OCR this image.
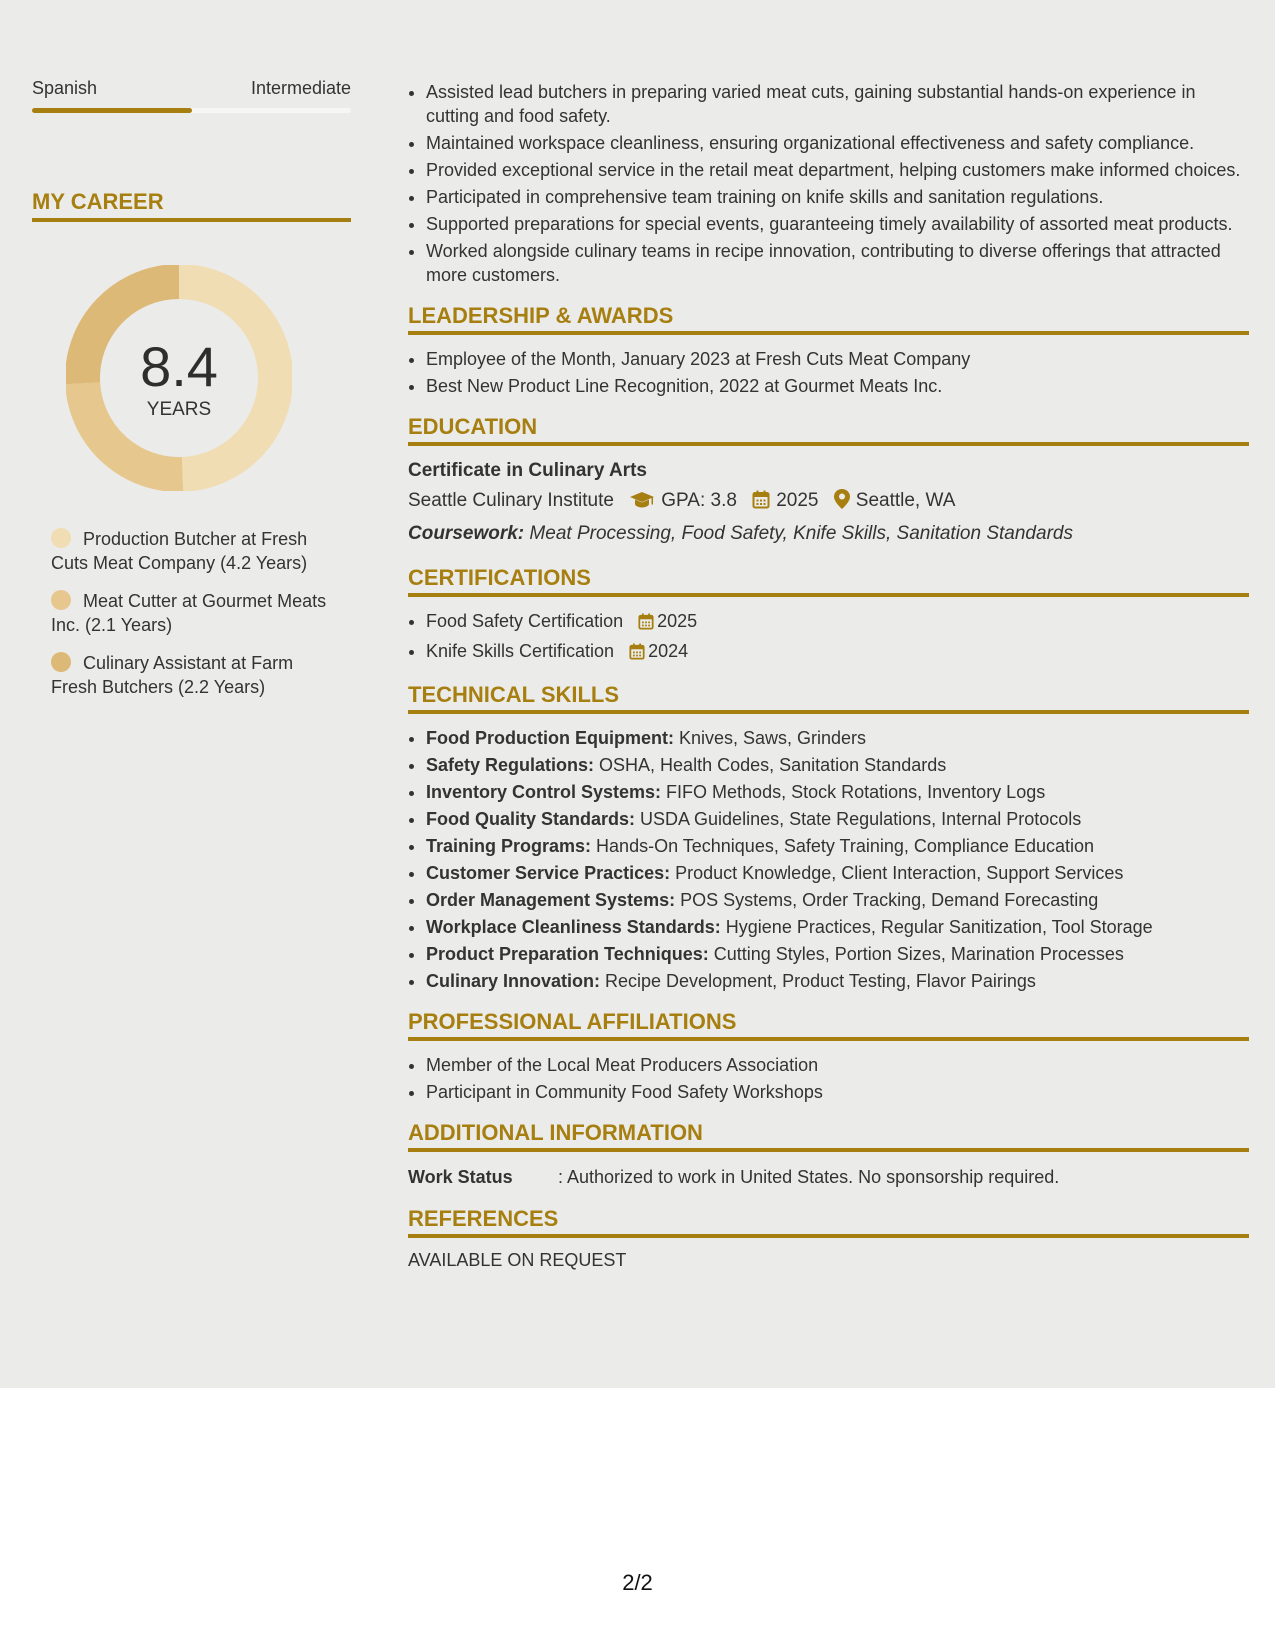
Spanish	Intermediate
MY CAREER
8.4
YEARS
Production Butcher at Fresh Cuts Meat Company (4.2 Years)
Meat Cutter at Gourmet Meats Inc. (2.1 Years)
Culinary Assistant at Farm Fresh Butchers (2.2 Years)
• Assisted lead butchers in preparing varied meat cuts, gaining substantial hands-on experience in cutting and food safety.
• Maintained workspace cleanliness, ensuring organizational effectiveness and safety compliance.
• Provided exceptional service in the retail meat department, helping customers make informed choices.
• Participated in comprehensive team training on knife skills and sanitation regulations.
• Supported preparations for special events, guaranteeing timely availability of assorted meat products.
• Worked alongside culinary teams in recipe innovation, contributing to diverse offerings that attracted more customers.
LEADERSHIP & AWARDS
• Employee of the Month, January 2023 at Fresh Cuts Meat Company
• Best New Product Line Recognition, 2022 at Gourmet Meats Inc.
EDUCATION
Certificate in Culinary Arts
Seattle Culinary Institute GPA: 3.8 2025 Seattle, WA
Coursework: Meat Processing, Food Safety, Knife Skills, Sanitation Standards
CERTIFICATIONS
• Food Safety Certification 2025
• Knife Skills Certification 2024
TECHNICAL SKILLS
• Food Production Equipment: Knives, Saws, Grinders
• Safety Regulations: OSHA, Health Codes, Sanitation Standards
• Inventory Control Systems: FIFO Methods, Stock Rotations, Inventory Logs
• Food Quality Standards: USDA Guidelines, State Regulations, Internal Protocols
• Training Programs: Hands-On Techniques, Safety Training, Compliance Education
• Customer Service Practices: Product Knowledge, Client Interaction, Support Services
• Order Management Systems: POS Systems, Order Tracking, Demand Forecasting
• Workplace Cleanliness Standards: Hygiene Practices, Regular Sanitization, Tool Storage
• Product Preparation Techniques: Cutting Styles, Portion Sizes, Marination Processes
• Culinary Innovation: Recipe Development, Product Testing, Flavor Pairings
PROFESSIONAL AFFILIATIONS
• Member of the Local Meat Producers Association
• Participant in Community Food Safety Workshops
ADDITIONAL INFORMATION
Work Status	: Authorized to work in United States. No sponsorship required.
REFERENCES
AVAILABLE ON REQUEST
2/2
